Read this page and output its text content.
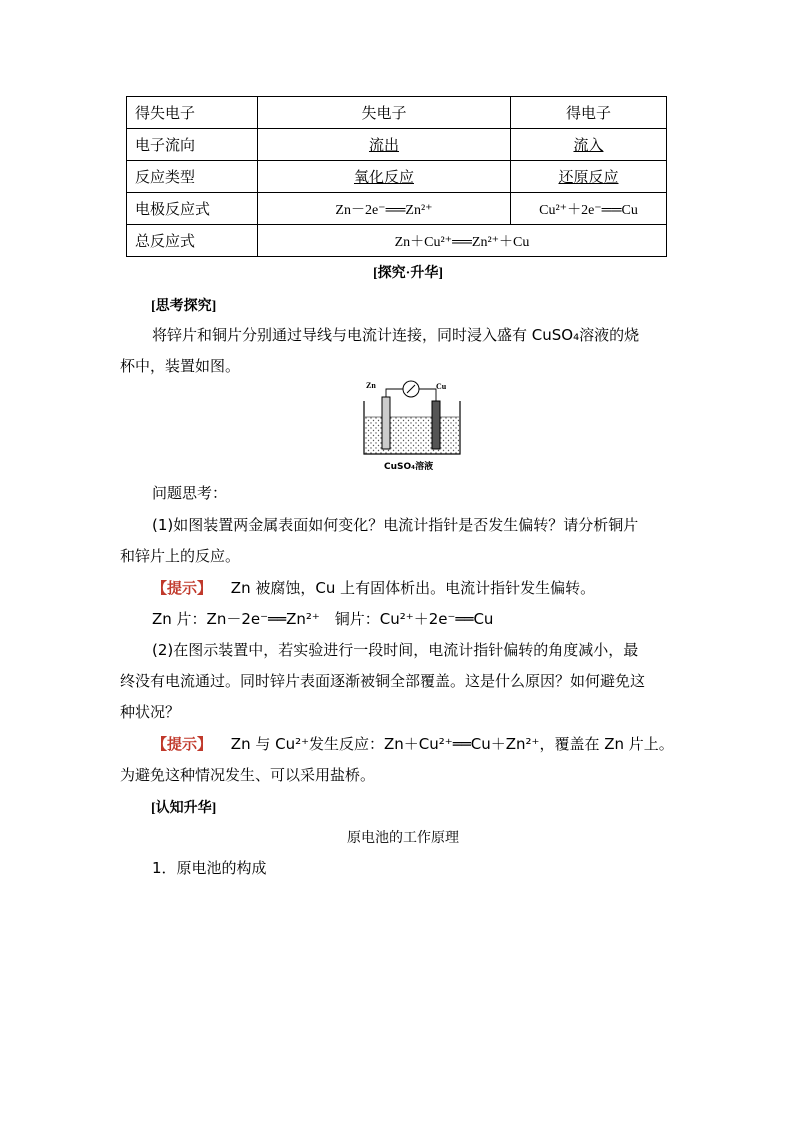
得失电子	失电子	得电子
电子流向	流出	流入
反应类型	氧化反应	还原反应
电极反应式	Zn－2e⁻══Zn²⁺	Cu²⁺＋2e⁻══Cu
总反应式	Zn＋Cu²⁺══Zn²⁺＋Cu	
[探究·升华]
[思考探究]
将锌片和铜片分别通过导线与电流计连接，同时浸入盛有 CuSO₄溶液的烧
杯中，装置如图。
Zn	Cu
CuSO₄溶液
问题思考：
(1)如图装置两金属表面如何变化？电流计指针是否发生偏转？请分析铜片
和锌片上的反应。
【提示】 Zn 被腐蚀，Cu 上有固体析出。电流计指针发生偏转。
Zn 片：Zn－2e⁻══Zn²⁺　铜片：Cu²⁺＋2e⁻══Cu
(2)在图示装置中，若实验进行一段时间，电流计指针偏转的角度减小，最
终没有电流通过。同时锌片表面逐渐被铜全部覆盖。这是什么原因？如何避免这
种状况？
【提示】 Zn 与 Cu²⁺发生反应：Zn＋Cu²⁺══Cu＋Zn²⁺，覆盖在 Zn 片上。
为避免这种情况发生、可以采用盐桥。
[认知升华]
原电池的工作原理
1．原电池的构成
